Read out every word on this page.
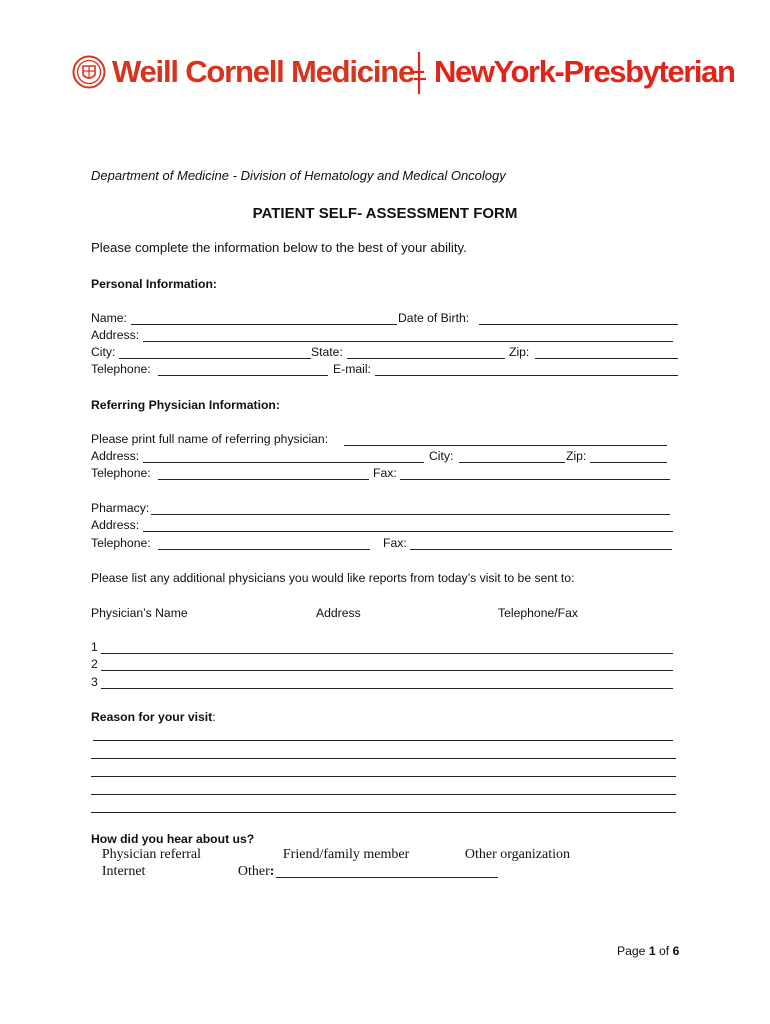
Weill Cornell Medicine NewYork-Presbyterian
Department of Medicine - Division of Hematology and Medical Oncology
PATIENT SELF- ASSESSMENT FORM
Please complete the information below to the best of your ability.
Personal Information:
Name:	Date of Birth:
Address:
City:	State:	Zip:
Telephone:	E-mail:
Referring Physician Information:
Please print full name of referring physician:
Address:	City:	Zip:
Telephone:	Fax:
Pharmacy:
Address:
Telephone:	Fax:
Please list any additional physicians you would like reports from today’s visit to be sent to:
Physician’s Name	Address	Telephone/Fax
1
2
3
Reason for your visit:
How did you hear about us?
Physician referral	Friend/family member	Other organization
Internet	Other:
Page 1 of 6
